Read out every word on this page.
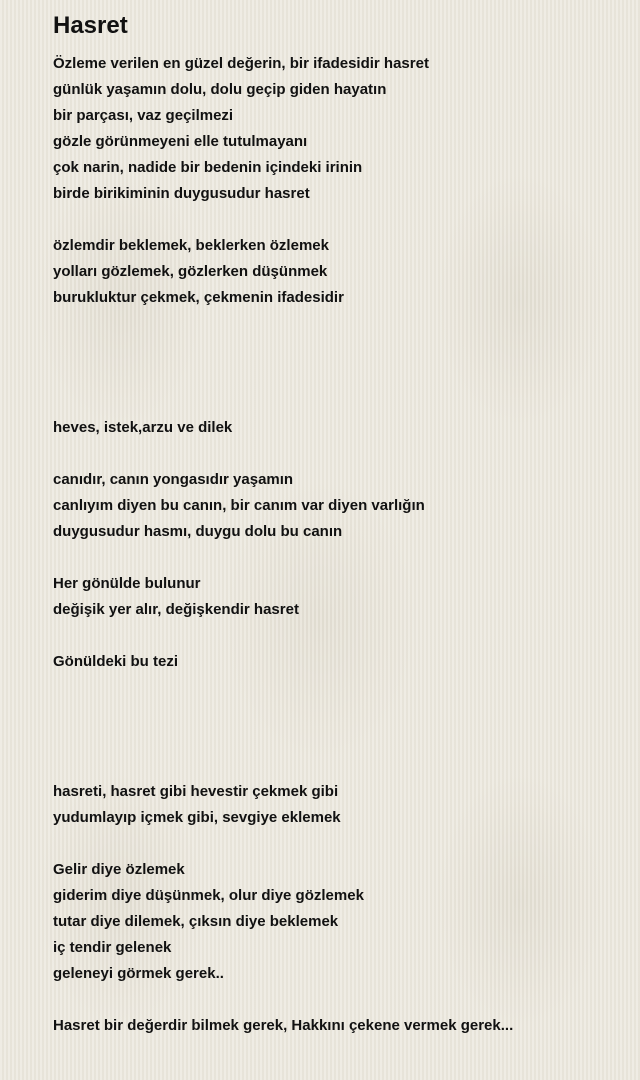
Hasret
Özleme verilen en güzel değerin, bir ifadesidir hasret
günlük yaşamın dolu, dolu geçip giden hayatın
bir parçası, vaz geçilmezi
gözle görünmeyeni elle tutulmayanı
çok narin, nadide bir bedenin içindeki irinin
birde birikiminin duygusudur hasret
özlemdir beklemek, beklerken özlemek
yolları gözlemek, gözlerken düşünmek
burukluktur çekmek, çekmenin ifadesidir
heves, istek,arzu ve dilek
canıdır, canın yongasıdır yaşamın
canlıyım diyen bu canın, bir canım var diyen varlığın
duygusudur hasmı, duygu dolu bu canın
Her gönülde bulunur
değişik yer alır, değişkendir hasret
Gönüldeki bu tezi
hasreti, hasret gibi hevestir çekmek gibi
yudumlayıp içmek gibi, sevgiye eklemek
Gelir diye özlemek
giderim diye düşünmek, olur diye gözlemek
tutar diye dilemek, çıksın diye beklemek
iç tendir gelenek
geleneyi görmek gerek..
Hasret bir değerdir bilmek gerek, Hakkını çekene vermek gerek...
